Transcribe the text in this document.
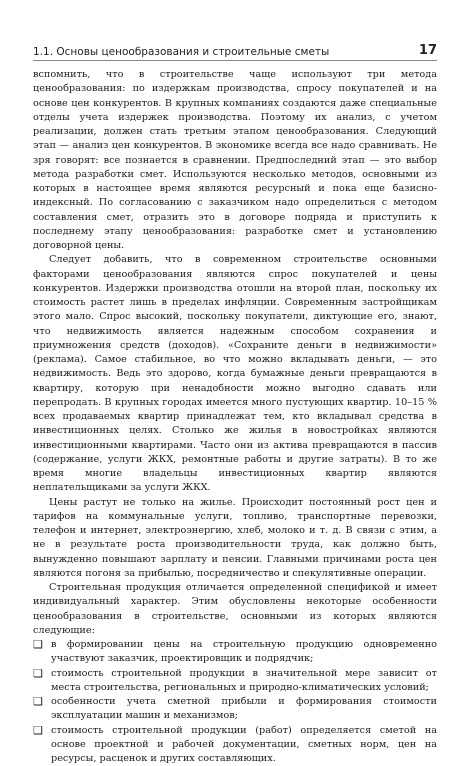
1.1. Основы ценообразования и строительные сметы	17

вспомнить, что в строительстве чаще используют три метода ценообразования: по издержкам производства, спросу покупателей и на основе цен конкурентов. В крупных компаниях создаются даже специальные отделы учета издержек производства. Поэтому их анализ, с учетом реализации, должен стать третьим этапом ценообразования. Следующий этап — анализ цен конкурентов. В экономике всегда все надо сравнивать. Не зря говорят: все познается в сравнении. Предпоследний этап — это выбор метода разработки смет. Используются несколько методов, основными из которых в настоящее время являются ресурсный и пока еще базисно-индексный. По согласованию с заказчиком надо определиться с методом составления смет, отразить это в договоре подряда и приступить к последнему этапу ценообразования: разработке смет и установлению договорной цены.

Следует добавить, что в современном строительстве основными факторами ценообразования являются спрос покупателей и цены конкурентов. Издержки производства отошли на второй план, поскольку их стоимость растет лишь в пределах инфляции. Современным застройщикам этого мало. Спрос высокий, поскольку покупатели, диктующие его, знают, что недвижимость является надежным способом сохранения и приумножения средств (доходов). «Сохраните деньги в недвижимости» (реклама). Самое стабильное, во что можно вкладывать деньги, — это недвижимость. Ведь это здорово, когда бумажные деньги превращаются в квартиру, которую при ненадобности можно выгодно сдавать или перепродать. В крупных городах имеется много пустующих квартир. 10–15 % всех продаваемых квартир принадлежат тем, кто вкладывал средства в инвестиционных целях. Столько же жилья в новостройках являются инвестиционными квартирами. Часто они из актива превращаются в пассив (содержание, услуги ЖКХ, ремонтные работы и другие затраты). В то же время многие владельцы инвестиционных квартир являются неплательщиками за услуги ЖКХ.

Цены растут не только на жилье. Происходит постоянный рост цен и тарифов на коммунальные услуги, топливо, транспортные перевозки, телефон и интернет, электроэнергию, хлеб, молоко и т. д. В связи с этим, а не в результате роста производительности труда, как должно быть, вынужденно повышают зарплату и пенсии. Главными причинами роста цен являются погоня за прибылью, посредничество и спекулятивные операции.

Строительная продукция отличается определенной спецификой и имеет индивидуальный характер. Этим обусловлены некоторые особенности ценообразования в строительстве, основными из которых являются следующие:

❑ в формировании цены на строительную продукцию одновременно участвуют заказчик, проектировщик и подрядчик;
❑ стоимость строительной продукции в значительной мере зависит от места строительства, региональных и природно-климатических условий;
❑ особенности учета сметной прибыли и формирования стоимости эксплуатации машин и механизмов;
❑ стоимость строительной продукции (работ) определяется сметой на основе проектной и рабочей документации, сметных норм, цен на ресурсы, расценок и других составляющих.
